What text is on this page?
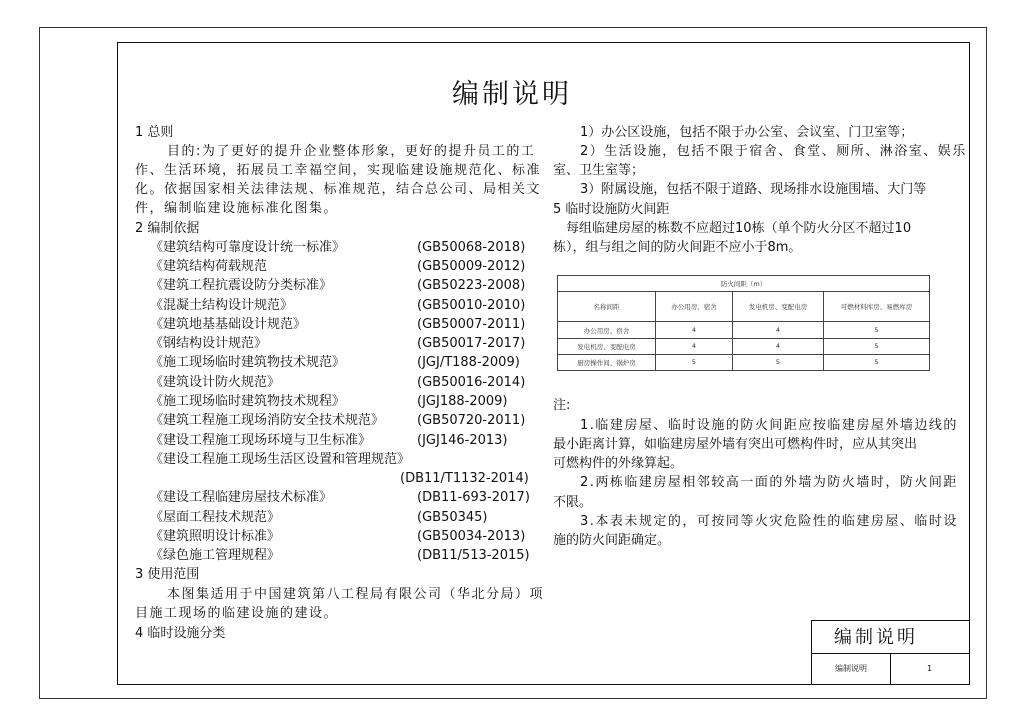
编制说明
1 总则
目的:为了更好的提升企业整体形象，更好的提升员工的工
作、生活环境，拓展员工幸福空间，实现临建设施规范化、标准
化。依据国家相关法律法规、标准规范，结合总公司、局相关文
件，编制临建设施标准化图集。
2 编制依据
《建筑结构可靠度设计统一标准》	(GB50068-2018)
《建筑结构荷载规范	(GB50009-2012)
《建筑工程抗震设防分类标准》	(GB50223-2008)
《混凝土结构设计规范》	(GB50010-2010)
《建筑地基基础设计规范》	(GB50007-2011)
《钢结构设计规范》	(GB50017-2017)
《施工现场临时建筑物技术规范》	(JGJ/T188-2009)
《建筑设计防火规范》	(GB50016-2014)
《施工现场临时建筑物技术规程》	(JGJ188-2009)
《建筑工程施工现场消防安全技术规范》	(GB50720-2011)
《建设工程施工现场环境与卫生标准》	(JGJ146-2013)
《建设工程施工现场生活区设置和管理规范》
(DB11/T1132-2014)
《建设工程临建房屋技术标准》	(DB11-693-2017)
《屋面工程技术规范》	(GB50345)
《建筑照明设计标准》	(GB50034-2013)
《绿色施工管理规程》	(DB11/513-2015)
3 使用范围
本图集适用于中国建筑第八工程局有限公司（华北分局）项
目施工现场的临建设施的建设。
4 临时设施分类
1）办公区设施，包括不限于办公室、会议室、门卫室等；
2）生活设施，包括不限于宿舍、食堂、厕所、淋浴室、娱乐
室、卫生室等；
3）附属设施，包括不限于道路、现场排水设施围墙、大门等
5 临时设施防火间距
每组临建房屋的栋数不应超过10栋（单个防火分区不超过10
栋），组与组之间的防火间距不应小于8m。
防火间距（m）			
名称间距	办公用房、宿舍	发电机房、变配电房	可燃材料库房、易燃库房
办公用房、宿舍	4	4	5
发电机房、变配电房	4	4	5
厨房操作间、锅炉房	5	5	5
注:
1.临建房屋、临时设施的防火间距应按临建房屋外墙边线的
最小距离计算，如临建房屋外墙有突出可燃构件时，应从其突出
可燃构件的外缘算起。
2.两栋临建房屋相邻较高一面的外墙为防火墙时，防火间距
不限。
3.本表未规定的，可按同等火灾危险性的临建房屋、临时设
施的防火间距确定。
编制说明
编制说明	1
